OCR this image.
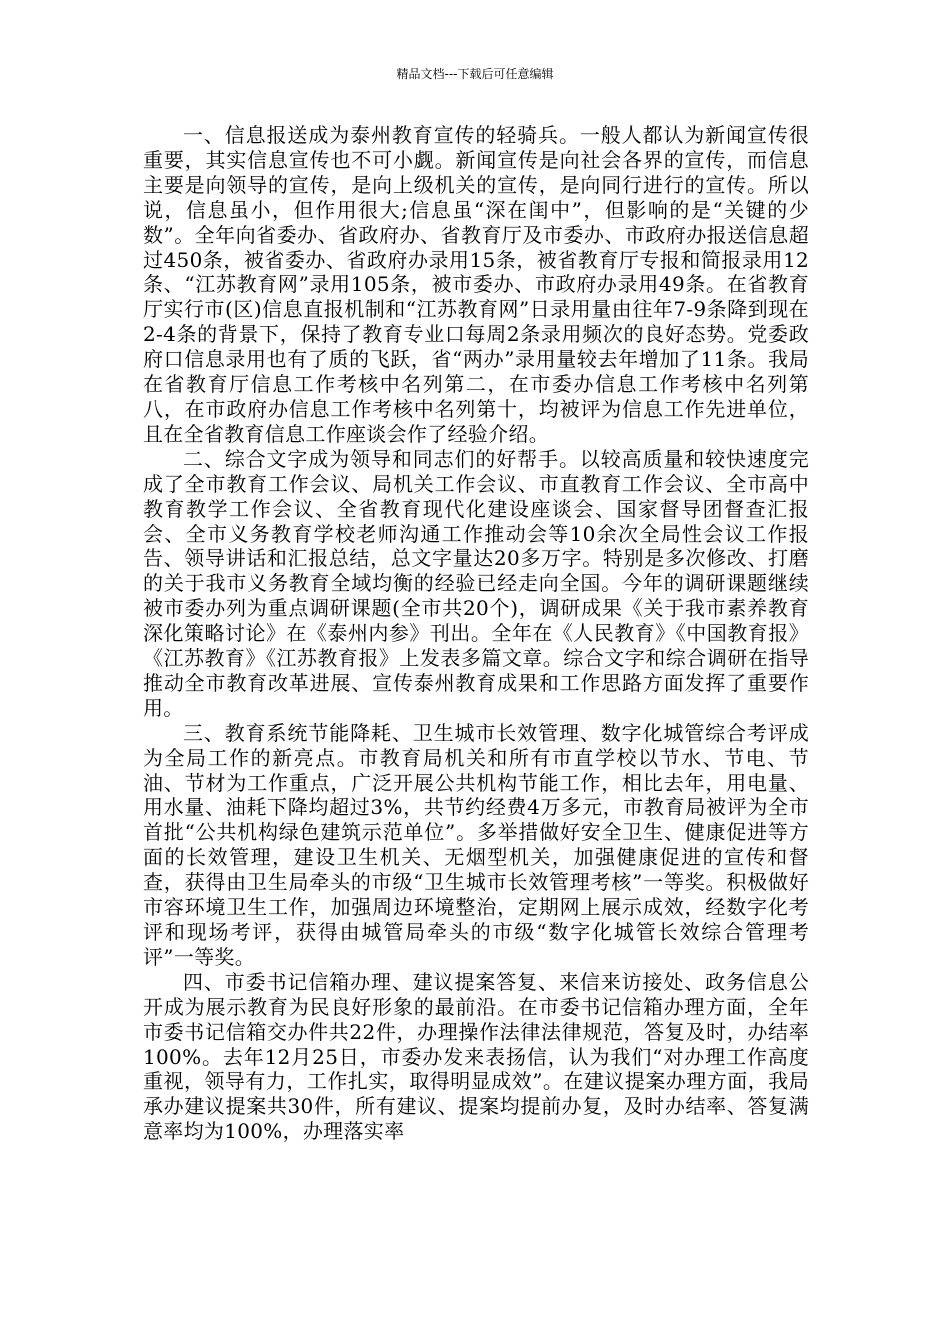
精品文档---下载后可任意编辑

一、信息报送成为泰州教育宣传的轻骑兵。一般人都认为新闻宣传很重要，其实信息宣传也不可小觑。新闻宣传是向社会各界的宣传，而信息主要是向领导的宣传，是向上级机关的宣传，是向同行进行的宣传。所以说，信息虽小，但作用很大;信息虽“深在闺中”，但影响的是“关键的少数”。全年向省委办、省政府办、省教育厅及市委办、市政府办报送信息超过450条，被省委办、省政府办录用15条，被省教育厅专报和简报录用12条、“江苏教育网”录用105条，被市委办、市政府办录用49条。在省教育厅实行市(区)信息直报机制和“江苏教育网”日录用量由往年7-9条降到现在2-4条的背景下，保持了教育专业口每周2条录用频次的良好态势。党委政府口信息录用也有了质的飞跃，省“两办”录用量较去年增加了11条。我局在省教育厅信息工作考核中名列第二，在市委办信息工作考核中名列第八，在市政府办信息工作考核中名列第十，均被评为信息工作先进单位，且在全省教育信息工作座谈会作了经验介绍。

二、综合文字成为领导和同志们的好帮手。以较高质量和较快速度完成了全市教育工作会议、局机关工作会议、市直教育工作会议、全市高中教育教学工作会议、全省教育现代化建设座谈会、国家督导团督查汇报会、全市义务教育学校老师沟通工作推动会等10余次全局性会议工作报告、领导讲话和汇报总结，总文字量达20多万字。特别是多次修改、打磨的关于我市义务教育全域均衡的经验已经走向全国。今年的调研课题继续被市委办列为重点调研课题(全市共20个)，调研成果《关于我市素养教育深化策略讨论》在《泰州内参》刊出。全年在《人民教育》《中国教育报》《江苏教育》《江苏教育报》上发表多篇文章。综合文字和综合调研在指导推动全市教育改革进展、宣传泰州教育成果和工作思路方面发挥了重要作用。

三、教育系统节能降耗、卫生城市长效管理、数字化城管综合考评成为全局工作的新亮点。市教育局机关和所有市直学校以节水、节电、节油、节材为工作重点，广泛开展公共机构节能工作，相比去年，用电量、用水量、油耗下降均超过3%，共节约经费4万多元，市教育局被评为全市首批“公共机构绿色建筑示范单位”。多举措做好安全卫生、健康促进等方面的长效管理，建设卫生机关、无烟型机关，加强健康促进的宣传和督查，获得由卫生局牵头的市级“卫生城市长效管理考核”一等奖。积极做好市容环境卫生工作，加强周边环境整治，定期网上展示成效，经数字化考评和现场考评，获得由城管局牵头的市级“数字化城管长效综合管理考评”一等奖。

四、市委书记信箱办理、建议提案答复、来信来访接处、政务信息公开成为展示教育为民良好形象的最前沿。在市委书记信箱办理方面，全年市委书记信箱交办件共22件，办理操作法律法律规范，答复及时，办结率100%。去年12月25日，市委办发来表扬信，认为我们“对办理工作高度重视，领导有力，工作扎实，取得明显成效”。在建议提案办理方面，我局承办建议提案共30件，所有建议、提案均提前办复，及时办结率、答复满意率均为100%，办理落实率
